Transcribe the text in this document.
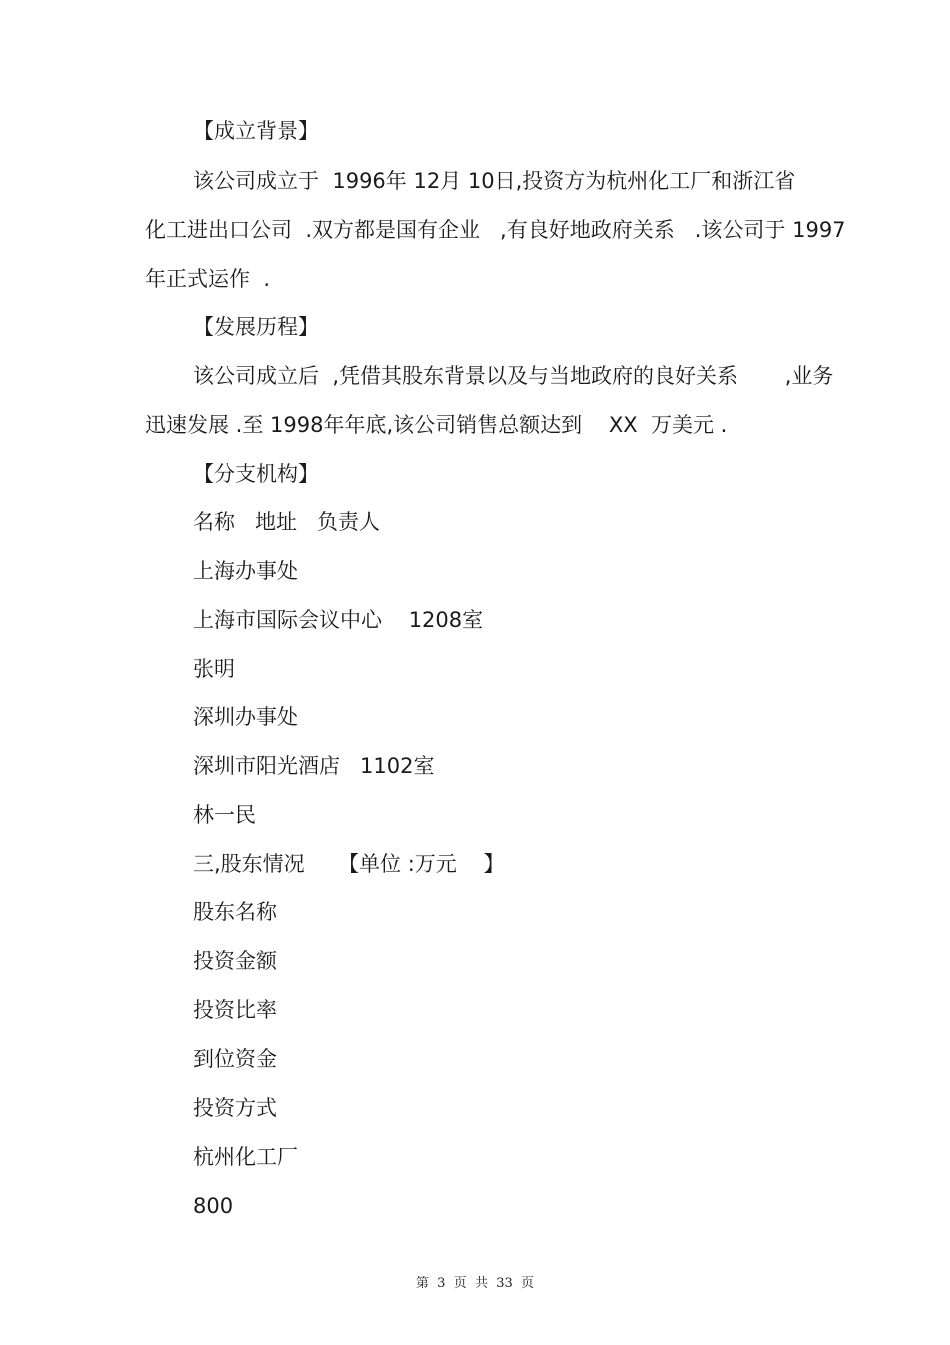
【成立背景】
该公司成立于  1996年 12月 10日,投资方为杭州化工厂和浙江省
化工进出口公司  .双方都是国有企业   ,有良好地政府关系   .该公司于 1997
年正式运作  .
【发展历程】
该公司成立后  ,凭借其股东背景以及与当地政府的良好关系       ,业务
迅速发展 .至 1998年年底,该公司销售总额达到    XX  万美元 .
【分支机构】
名称   地址   负责人
上海办事处
上海市国际会议中心    1208室
张明
深圳办事处
深圳市阳光酒店   1102室
林一民
三,股东情况     【单位 :万元    】
股东名称
投资金额
投资比率
到位资金
投资方式
杭州化工厂
800
第  3  页  共  33  页
